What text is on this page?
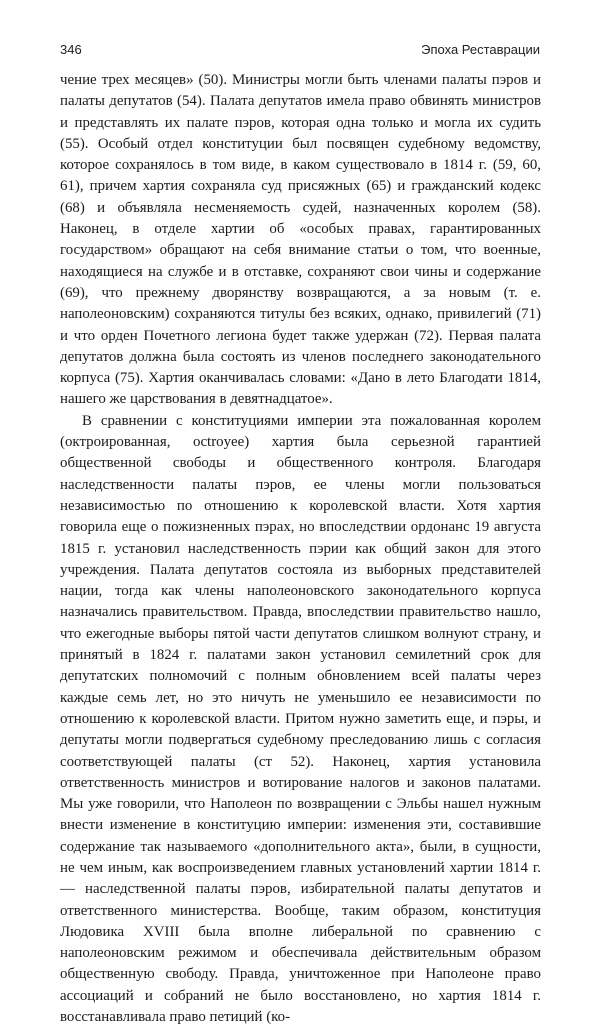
346	Эпоха Реставрации

чение трех месяцев» (50). Министры могли быть членами палаты пэров и палаты депутатов (54). Палата депутатов имела право обвинять министров и представлять их палате пэров, которая одна только и могла их судить (55). Особый отдел конституции был посвящен судебному ведомству, которое сохранялось в том виде, в каком существовало в 1814 г. (59, 60, 61), причем хартия сохраняла суд присяжных (65) и гражданский кодекс (68) и объявляла несменяемость судей, назначенных королем (58). Наконец, в отделе хартии об «особых правах, гарантированных государством» обращают на себя внимание статьи о том, что военные, находящиеся на службе и в отставке, сохраняют свои чины и содержание (69), что прежнему дворянству возвращаются, а за новым (т. е. наполеоновским) сохраняются титулы без всяких, однако, привилегий (71) и что орден Почетного легиона будет также удержан (72). Первая палата депутатов должна была состоять из членов последнего законодательного корпуса (75). Хартия оканчивалась словами: «Дано в лето Благодати 1814, нашего же царствования в девятнадцатое».

В сравнении с конституциями империи эта пожалованная королем (октроированная, octroyee) хартия была серьезной гарантией общественной свободы и общественного контроля. Благодаря наследственности палаты пэров, ее члены могли пользоваться независимостью по отношению к королевской власти. Хотя хартия говорила еще о пожизненных пэрах, но впоследствии ордонанс 19 августа 1815 г. установил наследственность пэрии как общий закон для этого учреждения. Палата депутатов состояла из выборных представителей нации, тогда как члены наполеоновского законодательного корпуса назначались правительством. Правда, впоследствии правительство нашло, что ежегодные выборы пятой части депутатов слишком волнуют страну, и принятый в 1824 г. палатами закон установил семилетний срок для депутатских полномочий с полным обновлением всей палаты через каждые семь лет, но это ничуть не уменьшило ее независимости по отношению к королевской власти. Притом нужно заметить еще, и пэры, и депутаты могли подвергаться судебному преследованию лишь с согласия соответствующей палаты (ст 52). Наконец, хартия установила ответственность министров и вотирование налогов и законов палатами. Мы уже говорили, что Наполеон по возвращении с Эльбы нашел нужным внести изменение в конституцию империи: изменения эти, составившие содержание так называемого «дополнительного акта», были, в сущности, не чем иным, как воспроизведением главных установлений хартии 1814 г. — наследственной палаты пэров, избирательной палаты депутатов и ответственного министерства. Вообще, таким образом, конституция Людовика XVIII была вполне либеральной по сравнению с наполеоновским режимом и обеспечивала действительным образом общественную свободу. Правда, уничтоженное при Наполеоне право ассоциаций и собраний не было восстановлено, но хартия 1814 г. восстанавливала право петиций (ко-
